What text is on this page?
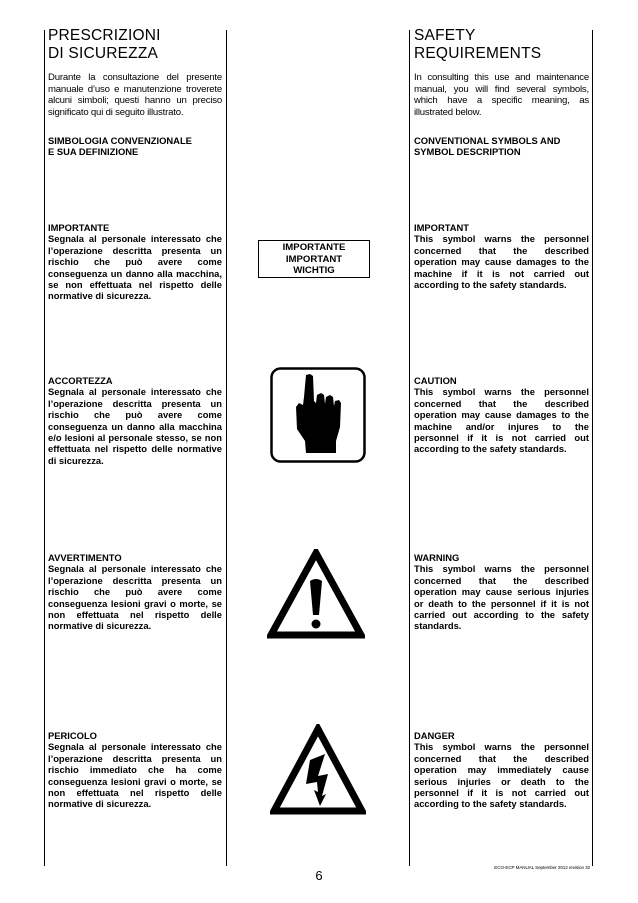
PRESCRIZIONI
DI SICUREZZA
Durante la consultazione del presente manuale d’uso e manutenzione troverete alcuni simboli; questi hanno un preciso significato qui di seguito illustrato.
SIMBOLOGIA CONVENZIONALE
E SUA DEFINIZIONE
IMPORTANTE
Segnala al personale interessato che l’operazione descritta presenta un rischio che può avere come conseguenza un danno alla macchina, se non effettuata nel rispetto delle normative di sicurezza.
ACCORTEZZA
Segnala al personale interessato che l’operazione descritta presenta un rischio che può avere come conseguenza un danno alla macchina e/o lesioni al personale stesso, se non effettuata nel rispetto delle normative di sicurezza.
AVVERTIMENTO
Segnala al personale interessato che l’operazione descritta presenta un rischio che può avere come conseguenza lesioni gravi o morte, se non effettuata nel rispetto delle normative di sicurezza.
PERICOLO
Segnala al personale interessato che l’operazione descritta presenta un rischio immediato che ha come conseguenza lesioni gravi o morte, se non effettuata nel rispetto delle normative di sicurezza.
IMPORTANTE
IMPORTANT
WICHTIG
SAFETY
REQUIREMENTS
In consulting this use and maintenance manual, you will find several symbols, which have a specific meaning, as illustrated below.
CONVENTIONAL SYMBOLS AND
SYMBOL DESCRIPTION
IMPORTANT
This symbol warns the personnel concerned that the described operation may cause damages to the machine if it is not carried out according to the safety standards.
CAUTION
This symbol warns the personnel concerned that the described operation may cause damages to the machine and/or injures to the personnel if it is not carried out according to the safety standards.
WARNING
This symbol warns the personnel concerned that the described operation may cause serious injuries or death to the personnel if it is not carried out according to the safety standards.
DANGER
This symbol warns the personnel concerned that the described operation may immediately cause serious injuries or death to the personnel if it is not carried out according to the safety standards.
6
ECO-ECP MANUAL September 2012 revision 32
